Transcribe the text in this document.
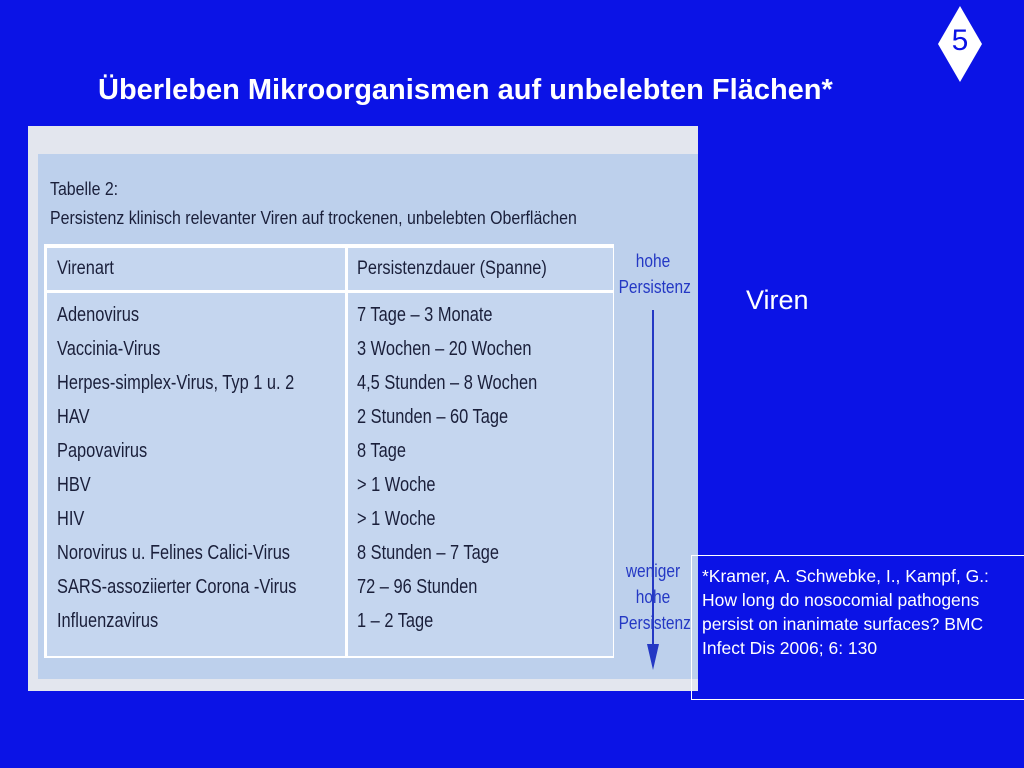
5
Überleben Mikroorganismen auf unbelebten Flächen*
Tabelle 2:
Persistenz klinisch relevanter Viren auf trockenen, unbelebten Oberflächen
Virenart	Persistenzdauer (Spanne)
Adenovirus	7 Tage – 3 Monate
Vaccinia-Virus	3 Wochen – 20 Wochen
Herpes-simplex-Virus, Typ 1 u. 2	4,5 Stunden – 8 Wochen
HAV	2 Stunden – 60 Tage
Papovavirus	8 Tage
HBV	> 1 Woche
HIV	> 1 Woche
Norovirus u. Felines Calici-Virus	8 Stunden – 7 Tage
SARS-assoziierter Corona -Virus	72 – 96 Stunden
Influenzavirus	1 – 2 Tage
hohe
Persistenz
weniger
hohe
Persistenz
Viren
*Kramer, A. Schwebke, I., Kampf, G.: How long do nosocomial pathogens persist on inanimate surfaces? BMC Infect Dis 2006; 6: 130
